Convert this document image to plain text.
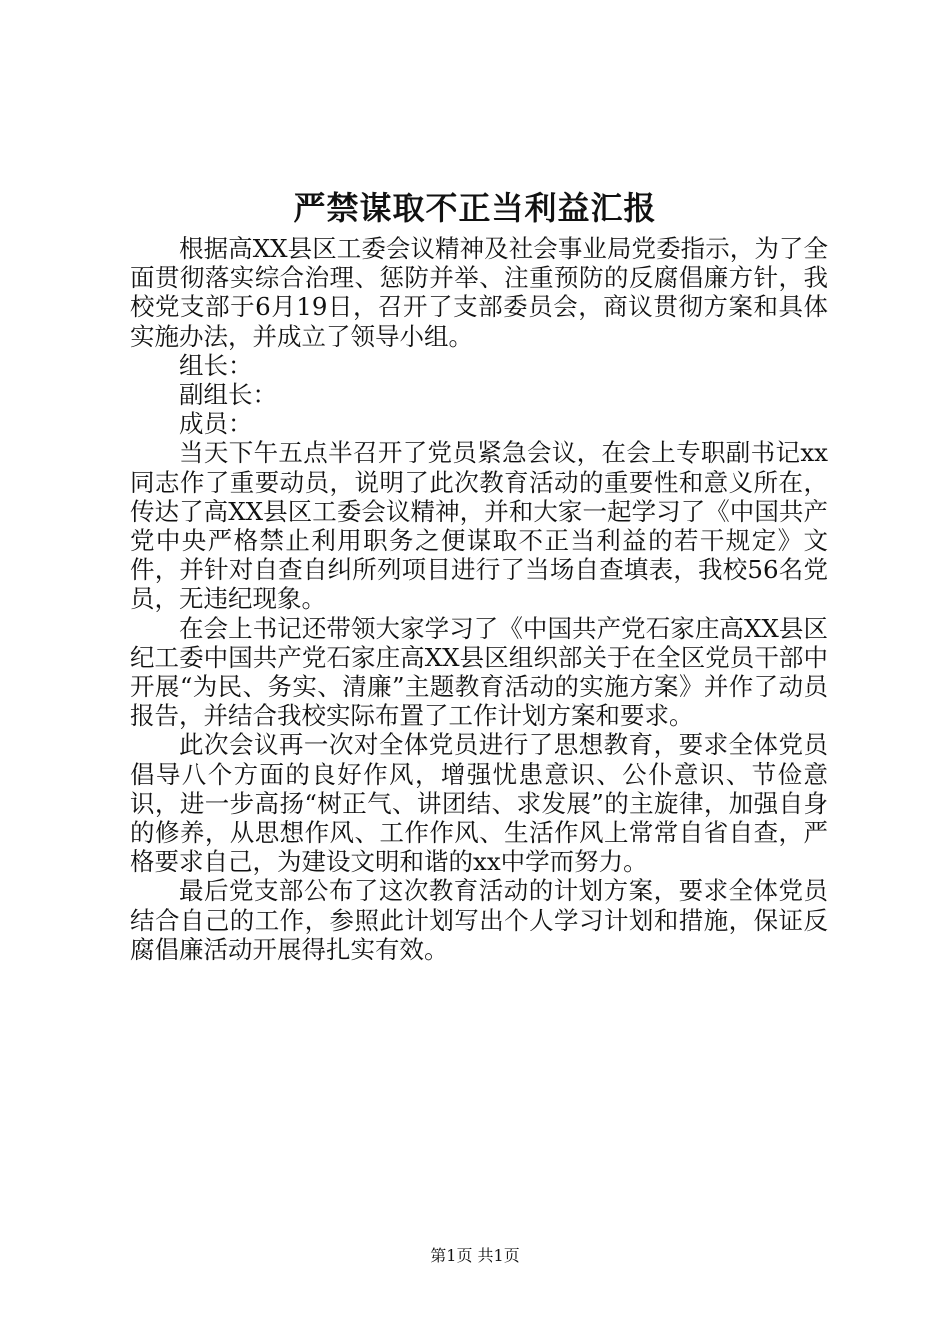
严禁谋取不正当利益汇报

根据高XX县区工委会议精神及社会事业局党委指示，为了全面贯彻落实综合治理、惩防并举、注重预防的反腐倡廉方针，我校党支部于6月19日，召开了支部委员会，商议贯彻方案和具体实施办法，并成立了领导小组。

组长：

副组长：

成员：

当天下午五点半召开了党员紧急会议，在会上专职副书记xx同志作了重要动员，说明了此次教育活动的重要性和意义所在，传达了高XX县区工委会议精神，并和大家一起学习了《中国共产党中央严格禁止利用职务之便谋取不正当利益的若干规定》文件，并针对自查自纠所列项目进行了当场自查填表，我校56名党员，无违纪现象。

在会上书记还带领大家学习了《中国共产党石家庄高XX县区纪工委中国共产党石家庄高XX县区组织部关于在全区党员干部中开展“为民、务实、清廉”主题教育活动的实施方案》并作了动员报告，并结合我校实际布置了工作计划方案和要求。

此次会议再一次对全体党员进行了思想教育，要求全体党员倡导八个方面的良好作风，增强忧患意识、公仆意识、节俭意识，进一步高扬“树正气、讲团结、求发展”的主旋律，加强自身的修养，从思想作风、工作作风、生活作风上常常自省自查，严格要求自己，为建设文明和谐的xx中学而努力。

最后党支部公布了这次教育活动的计划方案，要求全体党员结合自己的工作，参照此计划写出个人学习计划和措施，保证反腐倡廉活动开展得扎实有效。

第1页 共1页
